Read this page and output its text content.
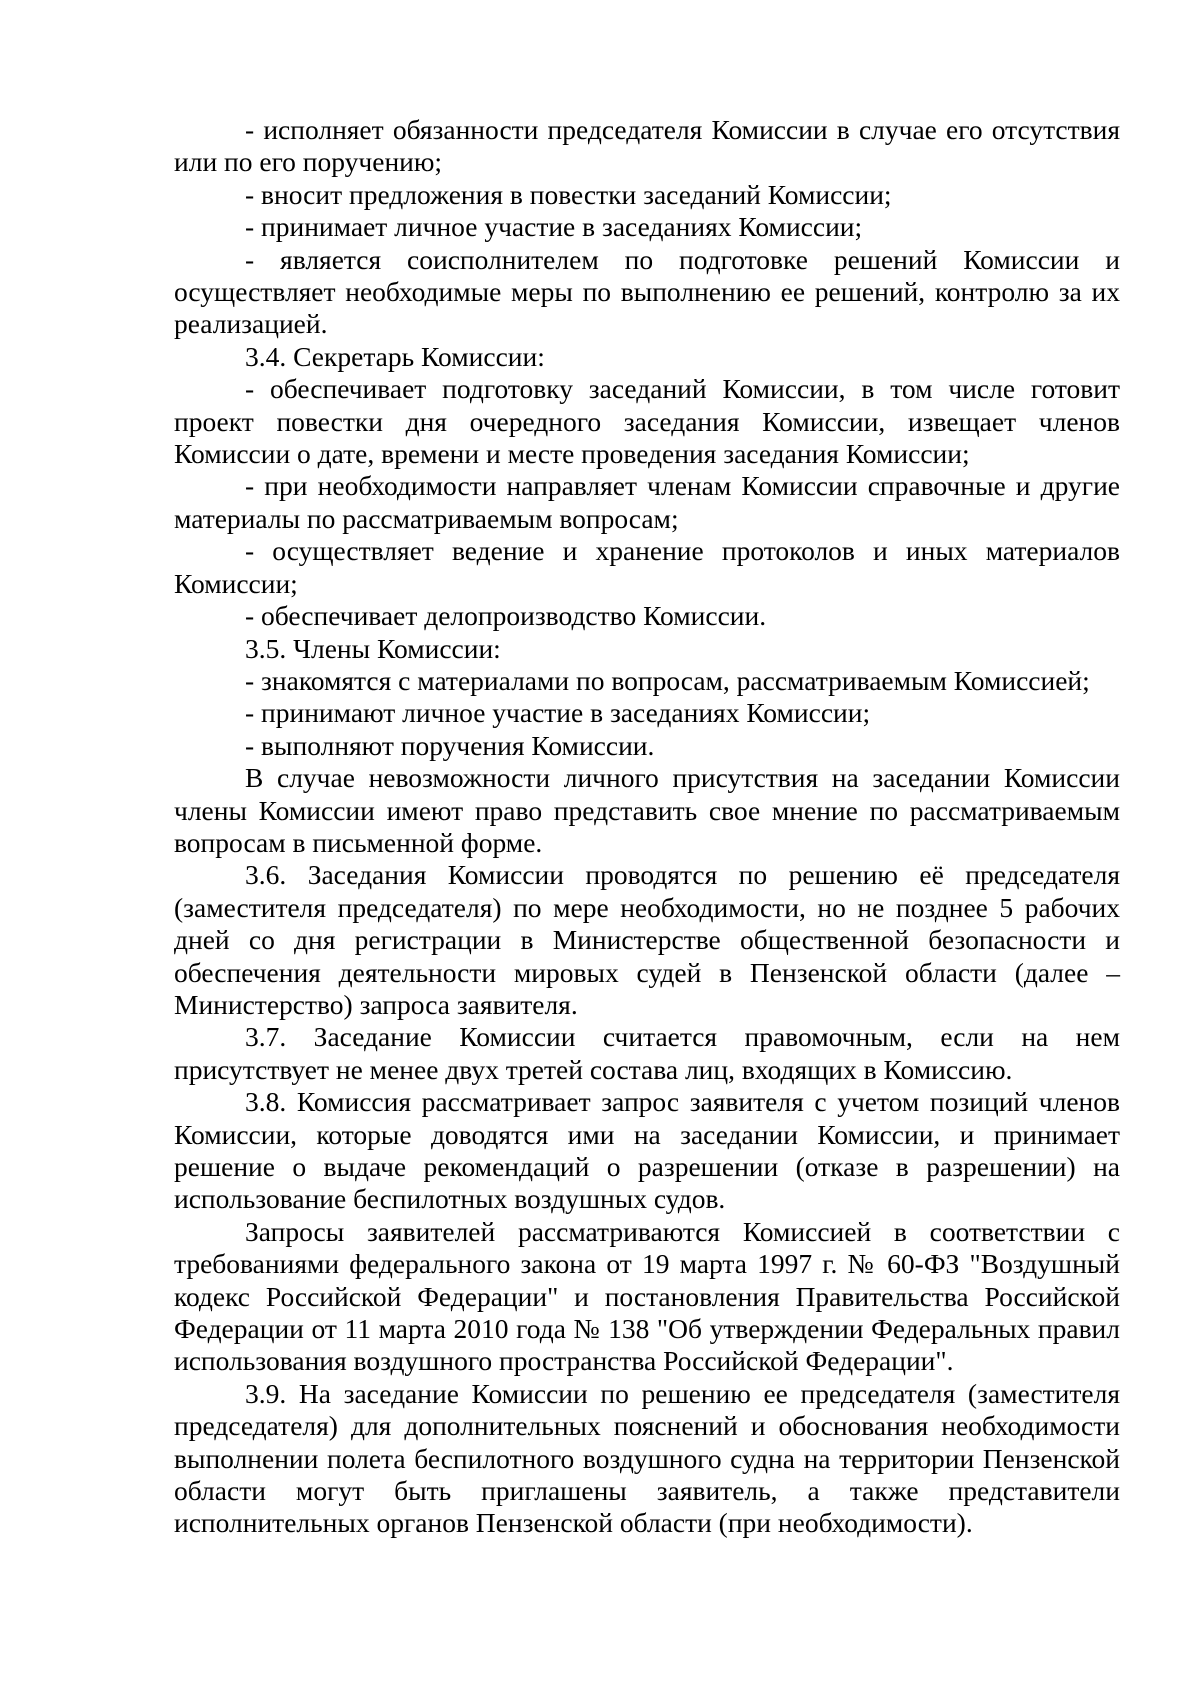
- исполняет обязанности председателя Комиссии в случае его отсутствия или по его поручению;

- вносит предложения в повестки заседаний Комиссии;

- принимает личное участие в заседаниях Комиссии;

- является соисполнителем по подготовке решений Комиссии и осуществляет необходимые меры по выполнению ее решений, контролю за их реализацией.

3.4. Секретарь Комиссии:

- обеспечивает подготовку заседаний Комиссии, в том числе готовит проект повестки дня очередного заседания Комиссии, извещает членов Комиссии о дате, времени и месте проведения заседания Комиссии;

- при необходимости направляет членам Комиссии справочные и другие материалы по рассматриваемым вопросам;

- осуществляет ведение и хранение протоколов и иных материалов Комиссии;

- обеспечивает делопроизводство Комиссии.

3.5. Члены Комиссии:

- знакомятся с материалами по вопросам, рассматриваемым Комиссией;

- принимают личное участие в заседаниях Комиссии;

- выполняют поручения Комиссии.

В случае невозможности личного присутствия на заседании Комиссии члены Комиссии имеют право представить свое мнение по рассматриваемым вопросам в письменной форме.

3.6. Заседания Комиссии проводятся по решению её председателя (заместителя председателя) по мере необходимости, но не позднее 5 рабочих дней со дня регистрации в Министерстве общественной безопасности и обеспечения деятельности мировых судей в Пензенской области (далее – Министерство) запроса заявителя.

3.7. Заседание Комиссии считается правомочным, если на нем присутствует не менее двух третей состава лиц, входящих в Комиссию.

3.8. Комиссия рассматривает запрос заявителя с учетом позиций членов Комиссии, которые доводятся ими на заседании Комиссии, и принимает решение о выдаче рекомендаций о разрешении (отказе в разрешении) на использование беспилотных воздушных судов.

Запросы заявителей рассматриваются Комиссией в соответствии с требованиями федерального закона от 19 марта 1997 г. № 60-ФЗ "Воздушный кодекс Российской Федерации" и постановления Правительства Российской Федерации от 11 марта 2010 года № 138 "Об утверждении Федеральных правил использования воздушного пространства Российской Федерации".

3.9. На заседание Комиссии по решению ее председателя (заместителя председателя) для дополнительных пояснений и обоснования необходимости выполнении полета беспилотного воздушного судна на территории Пензенской области могут быть приглашены заявитель, а также представители исполнительных органов Пензенской области (при необходимости).
